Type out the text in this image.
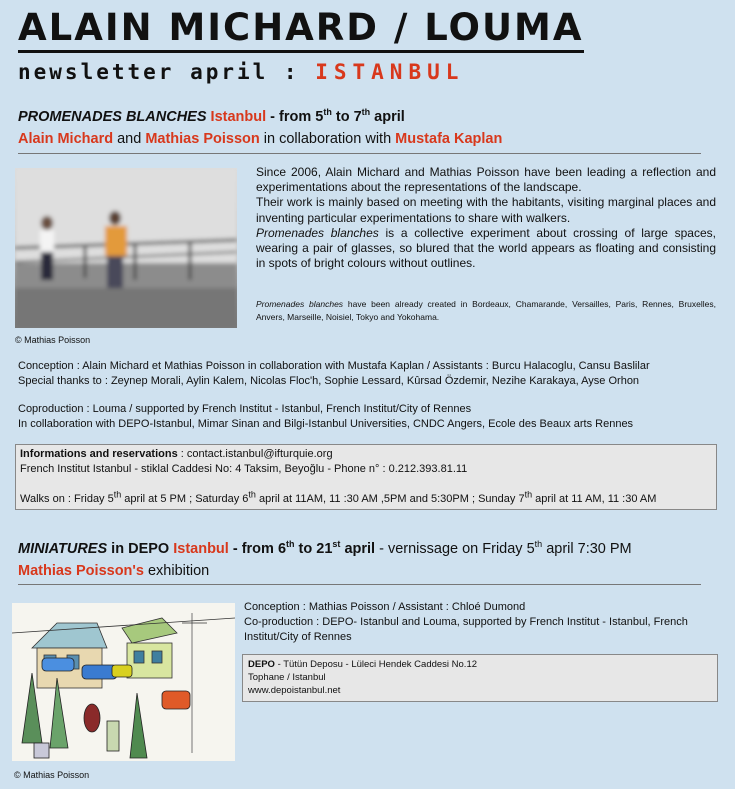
ALAIN MICHARD / LOUMA
newsletter april : ISTANBUL
PROMENADES BLANCHES Istanbul - from 5th to 7th april
Alain Michard and Mathias Poisson in collaboration with Mustafa Kaplan
© Mathias Poisson
Since 2006, Alain Michard and Mathias Poisson have been leading a reflection and experimentations about the representations of the landscape.
Their work is mainly based on meeting with the habitants, visiting marginal places and inventing particular experimentations to share with walkers.
Promenades blanches is a collective experiment about crossing of large spaces, wearing a pair of glasses, so blured that the world appears as floating and consisting in spots of bright colours without outlines.
Promenades blanches have been already created in Bordeaux, Chamarande, Versailles, Paris, Rennes, Bruxelles, Anvers, Marseille, Noisiel, Tokyo and Yokohama.
Conception : Alain Michard et Mathias Poisson in collaboration with Mustafa Kaplan / Assistants : Burcu Halacoglu, Cansu Baslilar
Special thanks to : Zeynep Morali, Aylin Kalem, Nicolas Floc'h, Sophie Lessard, Kûrsad Özdemir, Nezihe Karakaya, Ayse Orhon
Coproduction : Louma / supported by French Institut - Istanbul, French Institut/City of Rennes
In collaboration with DEPO-Istanbul, Mimar Sinan and Bilgi-Istanbul Universities, CNDC Angers, Ecole des Beaux arts Rennes
Informations and reservations : contact.istanbul@ifturquie.org
French Institut Istanbul - stiklal Caddesi No: 4 Taksim, Beyoğlu - Phone n° : 0.212.393.81.11
Walks on : Friday 5th april at 5 PM ; Saturday 6th april at 11AM, 11 :30 AM ,5PM and 5:30PM ; Sunday 7th april at 11 AM, 11 :30 AM
MINIATURES in DEPO Istanbul - from 6th to 21st april - vernissage on Friday 5th april 7:30 PM
Mathias Poisson's exhibition
© Mathias Poisson
Conception : Mathias Poisson / Assistant : Chloé Dumond
Co-production : DEPO- Istanbul and Louma, supported by French Institut - Istanbul, French Institut/City of Rennes
DEPO - Tütün Deposu - Lüleci Hendek Caddesi No.12
Tophane / Istanbul
www.depoistanbul.net
